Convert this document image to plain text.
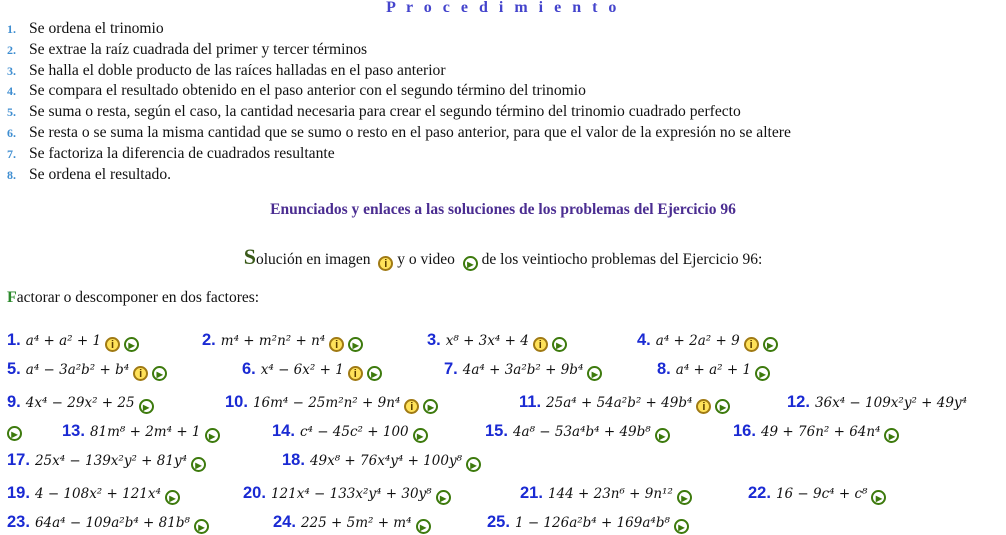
P r o c e d i m i e n t o
1. Se ordena el trinomio
2. Se extrae la raíz cuadrada del primer y tercer términos
3. Se halla el doble producto de las raíces halladas en el paso anterior
4. Se compara el resultado obtenido en el paso anterior con el segundo término del trinomio
5. Se suma o resta, según el caso, la cantidad necesaria para crear el segundo término del trinomio cuadrado perfecto
6. Se resta o se suma la misma cantidad que se sumo o resto en el paso anterior, para que el valor de la expresión no se altere
7. Se factoriza la diferencia de cuadrados resultante
8. Se ordena el resultado.
Enunciados y enlaces a las soluciones de los problemas del Ejercicio 96
Solución en imagen i y o video ▶ de los veintiocho problemas del Ejercicio 96:
Factorar o descomponer en dos factores:
1. a⁴ + a² + 1 i ▶	2. m⁴ + m²n² + n⁴ i ▶	3. x⁸ + 3x⁴ + 4 i ▶	4. a⁴ + 2a² + 9 i▶
5. a⁴ − 3a²b² + b⁴ i ▶	6. x⁴ − 6x² + 1 i ▶	7. 4a⁴ + 3a²b² + 9b⁴ ▶	8. a⁴ + a² + 1▶
9. 4x⁴ − 29x² + 25 ▶	10. 16m⁴ − 25m²n² + 9n⁴ i ▶	11. 25a⁴ + 54a²b² + 49b⁴ i ▶	12. 36x⁴ − 109x²y² + 49y⁴
▶
13. 81m⁸ + 2m⁴ + 1 ▶	14. c⁴ − 45c² + 100 ▶	15. 4a⁸ − 53a⁴b⁴ + 49b⁸ ▶	16. 49 + 76n² + 64n⁴▶
17. 25x⁴ − 139x²y² + 81y⁴ ▶	18. 49x⁸ + 76x⁴y⁴ + 100y⁸▶
19. 4 − 108x² + 121x⁴ ▶	20. 121x⁴ − 133x²y⁴ + 30y⁸ ▶	21. 144 + 23n⁶ + 9n¹² ▶	22. 16 − 9c⁴ + c⁸▶
23. 64a⁴ − 109a²b⁴ + 81b⁸ ▶	24. 225 + 5m² + m⁴ ▶	25. 1 − 126a²b⁴ + 169a⁴b⁸▶
